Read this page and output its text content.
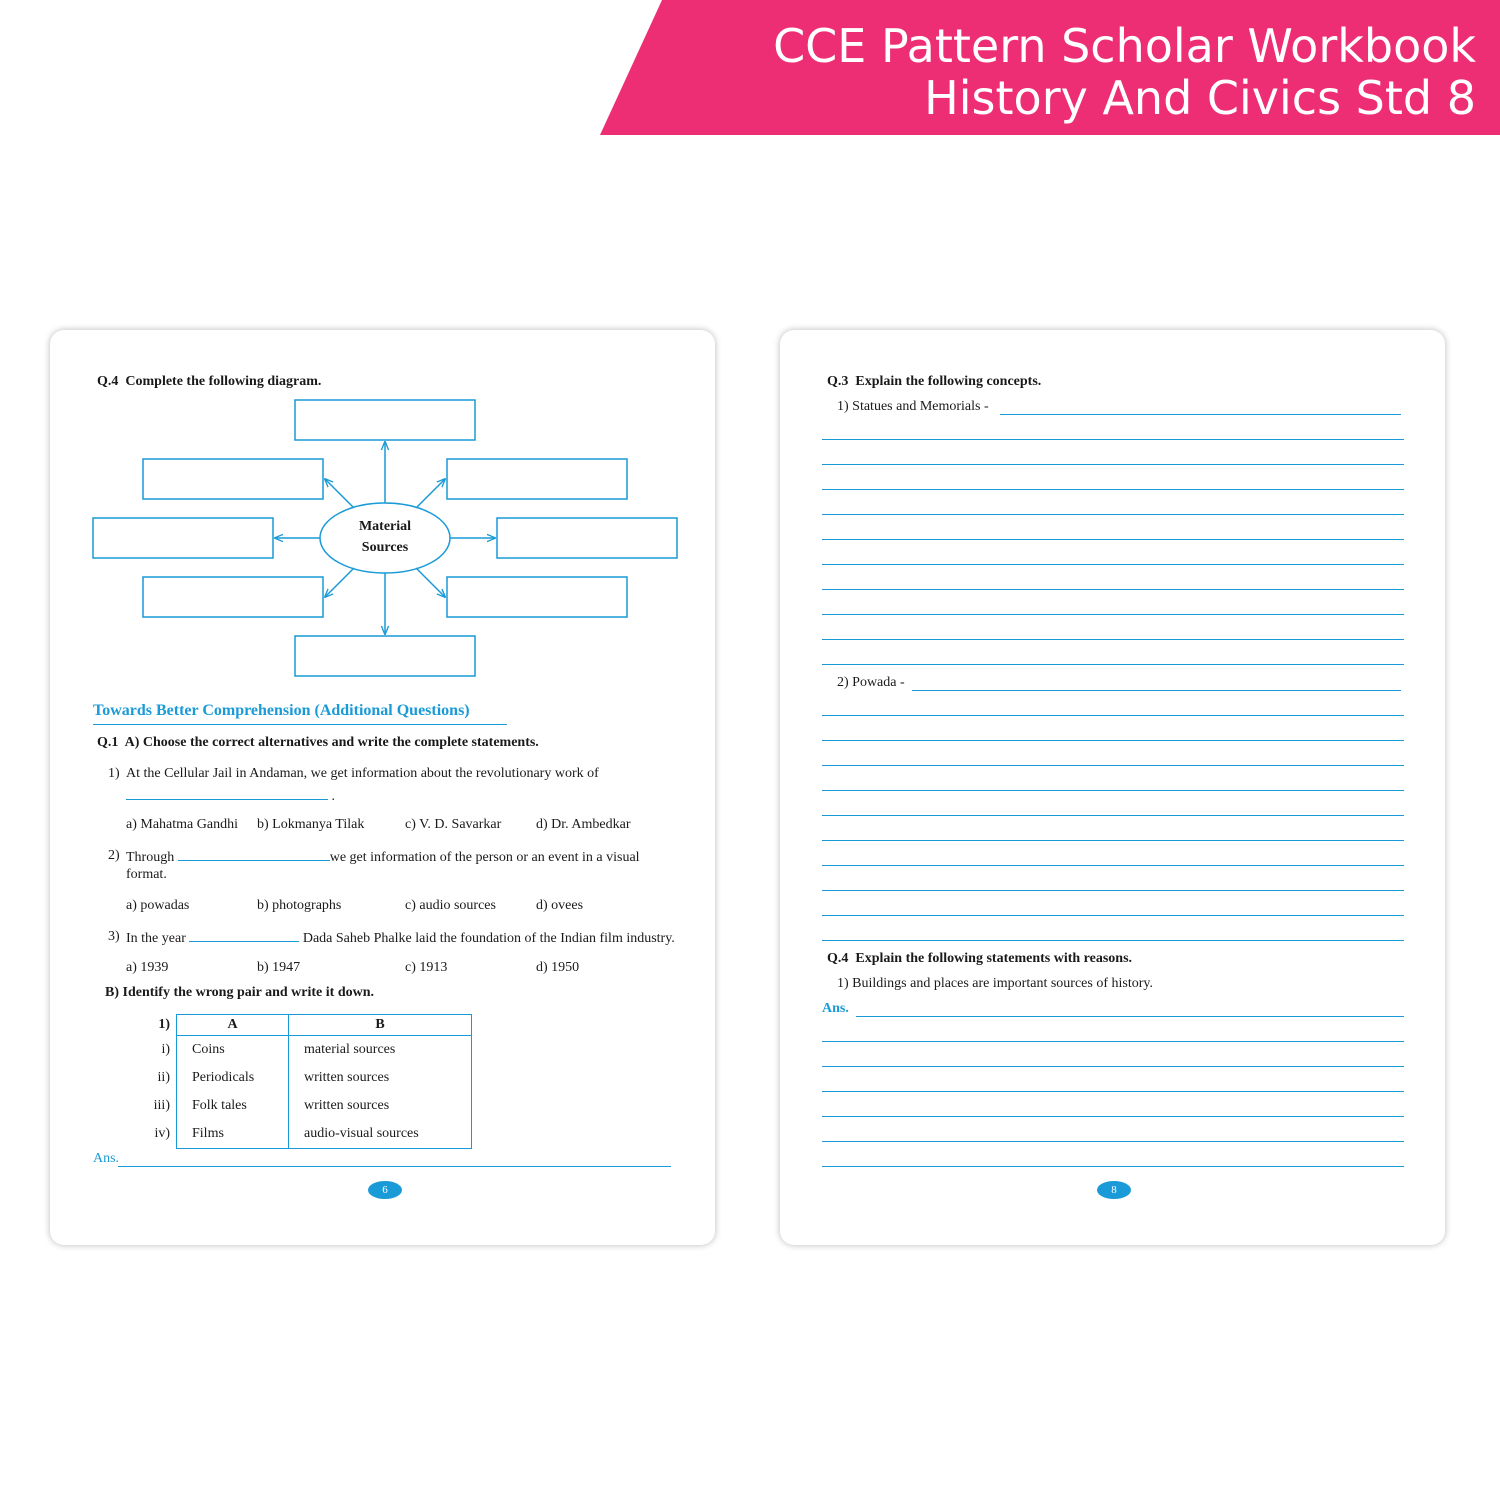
CCE Pattern Scholar Workbook
History And Civics Std 8
Q.4 Complete the following diagram.
Material
Sources
Towards Better Comprehension (Additional Questions)
Q.1 A) Choose the correct alternatives and write the complete statements.
1) At the Cellular Jail in Andaman, we get information about the revolutionary work of
.
a) Mahatma Gandhi b) Lokmanya Tilak	c) V. D. Savarkar d) Dr. Ambedkar
2) Through	we get information of the person or an event in a visual
format.
a) powadas	b) photographs	c) audio sources	d) ovees
3) In the year	Dada Saheb Phalke laid the foundation of the Indian film industry.
a) 1939	b) 1947	c) 1913	d) 1950
B) Identify the wrong pair and write it down.
1)	A	B
i)	Coins	material sources
ii)	Periodicals	written sources
iii)	Folk tales	written sources
iv)	Films	audio-visual sources
Ans.
6
Q.3 Explain the following concepts.
1) Statues and Memorials -
2) Powada -
Q.4 Explain the following statements with reasons.
1) Buildings and places are important sources of history.
Ans.
8
